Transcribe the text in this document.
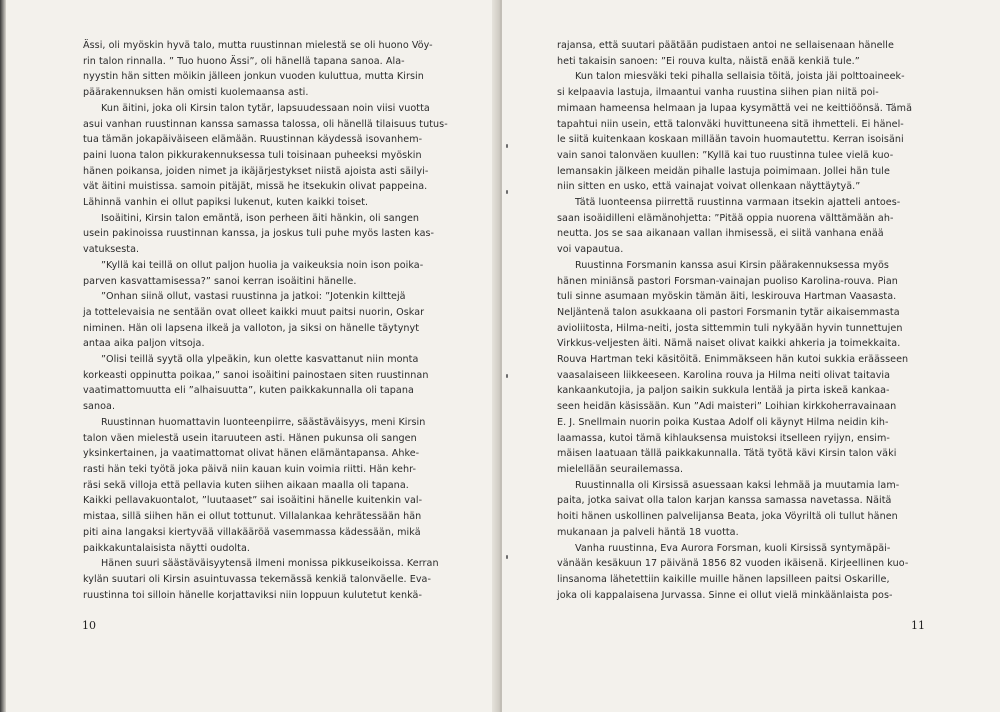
Ässi, oli myöskin hyvä talo, mutta ruustinnan mielestä se oli huono Vöy-
rin talon rinnalla. ” Tuo huono Ässi”, oli hänellä tapana sanoa. Ala-
nyystin hän sitten möikin jälleen jonkun vuoden kuluttua, mutta Kirsin
päärakennuksen hän omisti kuolemaansa asti.
Kun äitini, joka oli Kirsin talon tytär, lapsuudessaan noin viisi vuotta
asui vanhan ruustinnan kanssa samassa talossa, oli hänellä tilaisuus tutus-
tua tämän jokapäiväiseen elämään. Ruustinnan käydessä isovanhem-
paini luona talon pikkurakennuksessa tuli toisinaan puheeksi myöskin
hänen poikansa, joiden nimet ja ikäjärjestykset niistä ajoista asti säilyi-
vät äitini muistissa. samoin pitäjät, missä he itsekukin olivat pappeina.
Lähinnä vanhin ei ollut papiksi lukenut, kuten kaikki toiset.
Isoäitini, Kirsin talon emäntä, ison perheen äiti hänkin, oli sangen
usein pakinoissa ruustinnan kanssa, ja joskus tuli puhe myös lasten kas-
vatuksesta.
”Kyllä kai teillä on ollut paljon huolia ja vaikeuksia noin ison poika-
parven kasvattamisessa?” sanoi kerran isoäitini hänelle.
”Onhan siinä ollut, vastasi ruustinna ja jatkoi: ”Jotenkin kilttejä
ja tottelevaisia ne sentään ovat olleet kaikki muut paitsi nuorin, Oskar
niminen. Hän oli lapsena ilkeä ja valloton, ja siksi on hänelle täytynyt
antaa aika paljon vitsoja.
”Olisi teillä syytä olla ylpeäkin, kun olette kasvattanut niin monta
korkeasti oppinutta poikaa,” sanoi isoäitini painostaen siten ruustinnan
vaatimattomuutta eli ”alhaisuutta”, kuten paikkakunnalla oli tapana
sanoa.
Ruustinnan huomattavin luonteenpiirre, säästäväisyys, meni Kirsin
talon väen mielestä usein itaruuteen asti. Hänen pukunsa oli sangen
yksinkertainen, ja vaatimattomat olivat hänen elämäntapansa. Ahke-
rasti hän teki työtä joka päivä niin kauan kuin voimia riitti. Hän kehr-
räsi sekä villoja että pellavia kuten siihen aikaan maalla oli tapana.
Kaikki pellavakuontalot, ”luutaaset” sai isoäitini hänelle kuitenkin val-
mistaa, sillä siihen hän ei ollut tottunut. Villalankaa kehrätessään hän
piti aina langaksi kiertyvää villakääröä vasemmassa kädessään, mikä
paikkakuntalaisista näytti oudolta.
Hänen suuri säästäväisyytensä ilmeni monissa pikkuseikoissa. Kerran
kylän suutari oli Kirsin asuintuvassa tekemässä kenkiä talonväelle. Eva-
ruustinna toi silloin hänelle korjattaviksi niin loppuun kulutetut kenkä-
10
rajansa, että suutari päätään pudistaen antoi ne sellaisenaan hänelle
heti takaisin sanoen: ”Ei rouva kulta, näistä enää kenkiä tule.”
Kun talon miesväki teki pihalla sellaisia töitä, joista jäi polttoaineek-
si kelpaavia lastuja, ilmaantui vanha ruustina siihen pian niitä poi-
mimaan hameensa helmaan ja lupaa kysymättä vei ne keittiöönsä. Tämä
tapahtui niin usein, että talonväki huvittuneena sitä ihmetteli. Ei hänel-
le siitä kuitenkaan koskaan millään tavoin huomautettu. Kerran isoisäni
vain sanoi talonväen kuullen: ”Kyllä kai tuo ruustinna tulee vielä kuo-
lemansakin jälkeen meidän pihalle lastuja poimimaan. Jollei hän tule
niin sitten en usko, että vainajat voivat ollenkaan näyttäytyä.”
Tätä luonteensa piirrettä ruustinna varmaan itsekin ajatteli antoes-
saan isoäidilleni elämänohjetta: ”Pitää oppia nuorena välttämään ah-
neutta. Jos se saa aikanaan vallan ihmisessä, ei siitä vanhana enää
voi vapautua.
Ruustinna Forsmanin kanssa asui Kirsin päärakennuksessa myös
hänen miniänsä pastori Forsman-vainajan puoliso Karolina-rouva. Pian
tuli sinne asumaan myöskin tämän äiti, leskirouva Hartman Vaasasta.
Neljäntenä talon asukkaana oli pastori Forsmanin tytär aikaisemmasta
avioliitosta, Hilma-neiti, josta sittemmin tuli nykyään hyvin tunnettujen
Virkkus-veljesten äiti. Nämä naiset olivat kaikki ahkeria ja toimekkaita.
Rouva Hartman teki käsitöitä. Enimmäkseen hän kutoi sukkia eräässeen
vaasalaiseen liikkeeseen. Karolina rouva ja Hilma neiti olivat taitavia
kankaankutojia, ja paljon saikin sukkula lentää ja pirta iskeä kankaa-
seen heidän käsissään. Kun ”Adi maisteri” Loihian kirkkoherravainaan
E. J. Snellmain nuorin poika Kustaa Adolf oli käynyt Hilma neidin kih-
laamassa, kutoi tämä kihlauksensa muistoksi itselleen ryijyn, ensim-
mäisen laatuaan tällä paikkakunnalla. Tätä työtä kävi Kirsin talon väki
mielellään seurailemassa.
Ruustinnalla oli Kirsissä asuessaan kaksi lehmää ja muutamia lam-
paita, jotka saivat olla talon karjan kanssa samassa navetassa. Näitä
hoiti hänen uskollinen palvelijansa Beata, joka Vöyriltä oli tullut hänen
mukanaan ja palveli häntä 18 vuotta.
Vanha ruustinna, Eva Aurora Forsman, kuoli Kirsissä syntymäpäi-
vänään kesäkuun 17 päivänä 1856 82 vuoden ikäisenä. Kirjeellinen kuo-
linsanoma lähetettiin kaikille muille hänen lapsilleen paitsi Oskarille,
joka oli kappalaisena Jurvassa. Sinne ei ollut vielä minkäänlaista pos-
11
